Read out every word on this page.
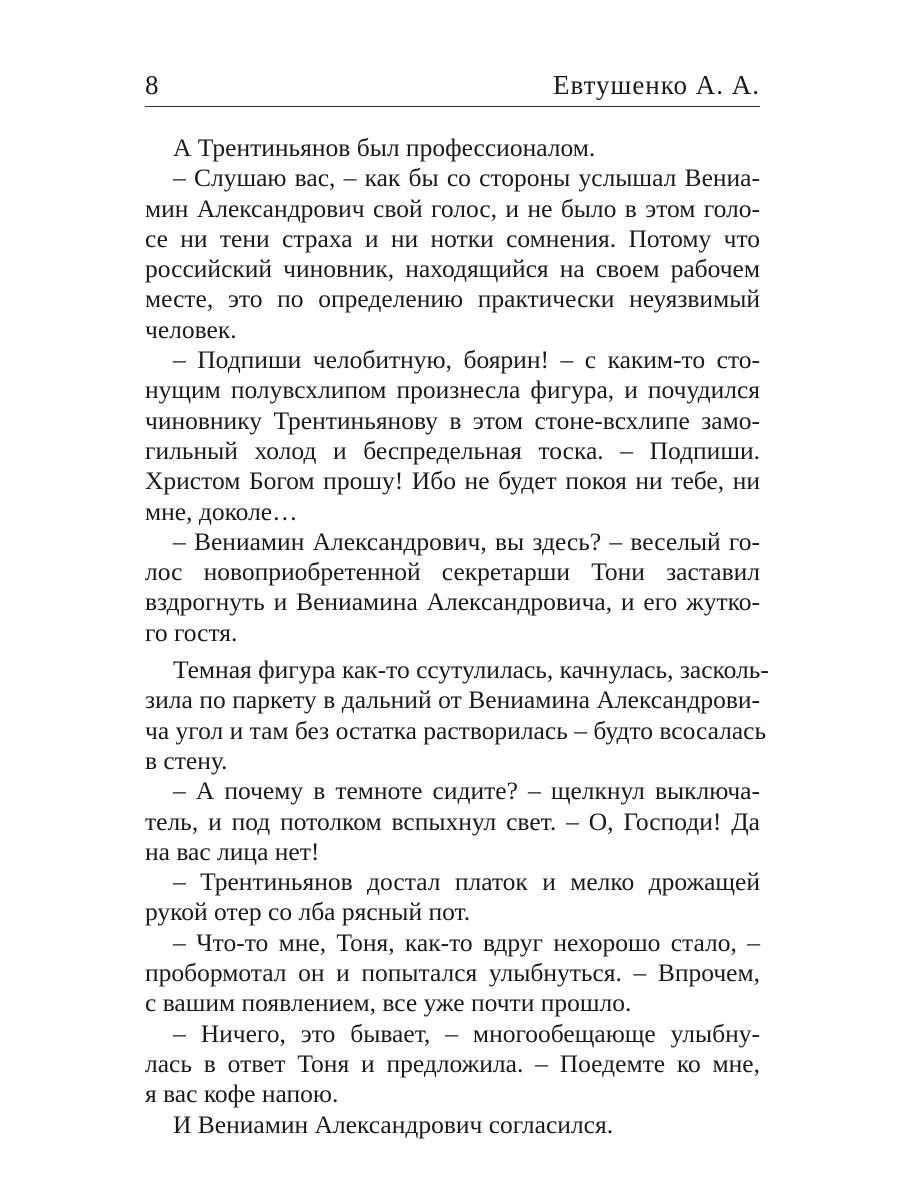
8	Евтушенко А. А.
А Трентиньянов был профессионалом.
– Слушаю вас, – как бы со стороны услышал Вениа-
мин Александрович свой голос, и не было в этом голо-
се ни тени страха и ни нотки сомнения. Потому что
российский чиновник, находящийся на своем рабочем
месте, это по определению практически неуязвимый
человек.
– Подпиши челобитную, боярин! – с каким-то сто-
нущим полувсхлипом произнесла фигура, и почудился
чиновнику Трентиньянову в этом стоне-всхлипе замо-
гильный холод и беспредельная тоска. – Подпиши.
Христом Богом прошу! Ибо не будет покоя ни тебе, ни
мне, доколе…
– Вениамин Александрович, вы здесь? – веселый го-
лос новоприобретенной секретарши Тони заставил
вздрогнуть и Вениамина Александровича, и его жутко-
го гостя.
Темная фигура как-то ссутулилась, качнулась, засколь-
зила по паркету в дальний от Вениамина Александрови-
ча угол и там без остатка растворилась – будто всосалась
в стену.
– А почему в темноте сидите? – щелкнул выключа-
тель, и под потолком вспыхнул свет. – О, Господи! Да
на вас лица нет!
– Трентиньянов достал платок и мелко дрожащей
рукой отер со лба рясный пот.
– Что-то мне, Тоня, как-то вдруг нехорошо стало, –
пробормотал он и попытался улыбнуться. – Впрочем,
с вашим появлением, все уже почти прошло.
– Ничего, это бывает, – многообещающе улыбну-
лась в ответ Тоня и предложила. – Поедемте ко мне,
я вас кофе напою.
И Вениамин Александрович согласился.
